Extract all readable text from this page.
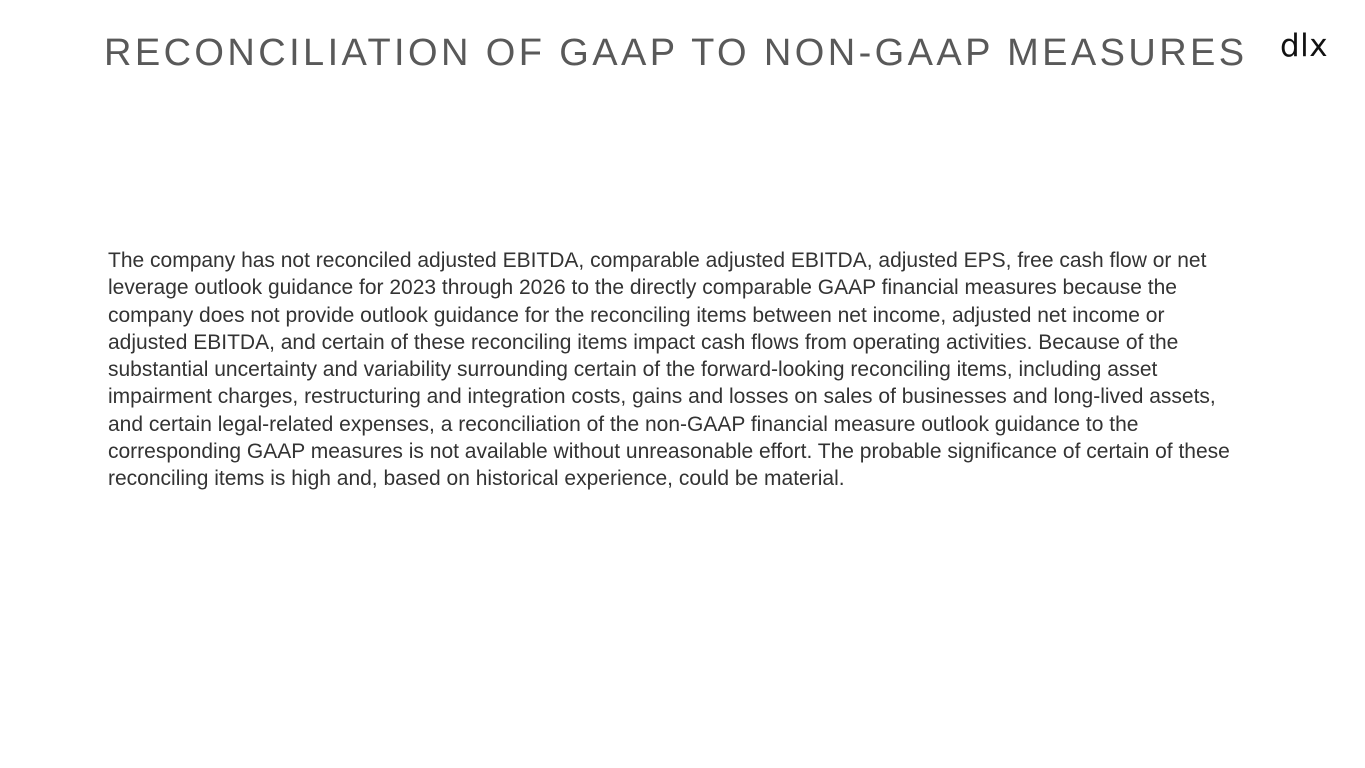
RECONCILIATION OF GAAP TO NON-GAAP MEASURES dlx

The company has not reconciled adjusted EBITDA, comparable adjusted EBITDA, adjusted EPS, free cash flow or net leverage outlook guidance for 2023 through 2026 to the directly comparable GAAP financial measures because the company does not provide outlook guidance for the reconciling items between net income, adjusted net income or adjusted EBITDA, and certain of these reconciling items impact cash flows from operating activities. Because of the substantial uncertainty and variability surrounding certain of the forward-looking reconciling items, including asset impairment charges, restructuring and integration costs, gains and losses on sales of businesses and long-lived assets, and certain legal-related expenses, a reconciliation of the non-GAAP financial measure outlook guidance to the corresponding GAAP measures is not available without unreasonable effort. The probable significance of certain of these reconciling items is high and, based on historical experience, could be material.
